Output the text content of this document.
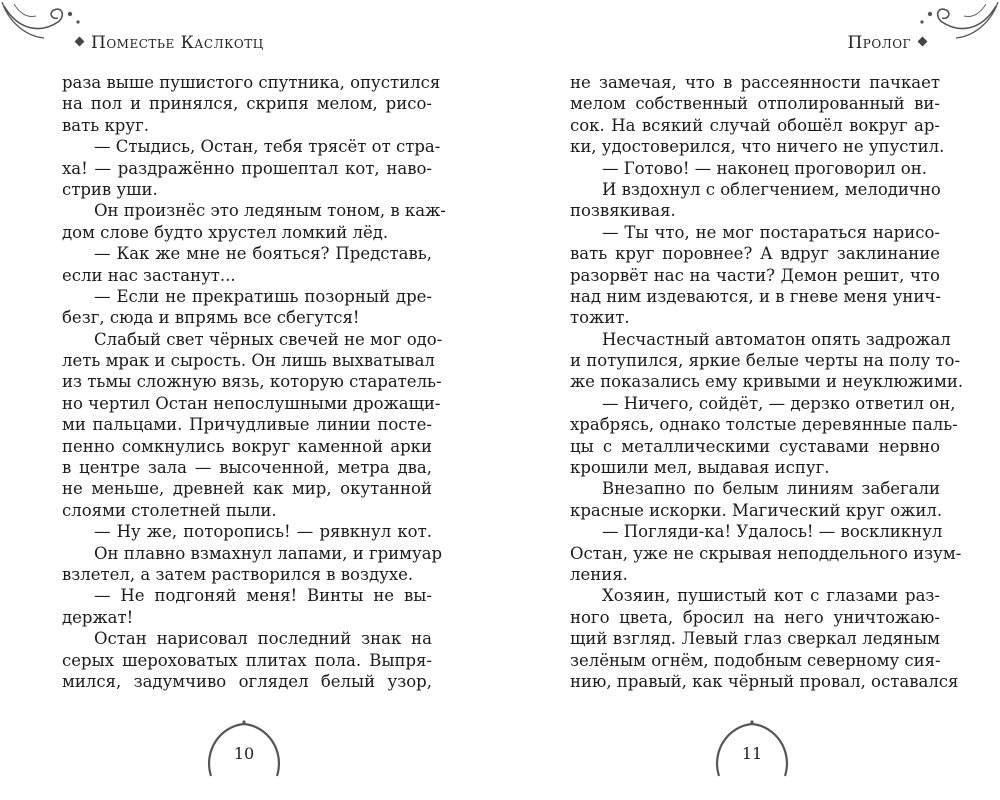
Поместье Каслкотц
раза выше пушистого спутника, опустился
на пол и принялся, скрипя мелом, рисо-
вать круг.
— Стыдись, Остан, тебя трясёт от стра-
ха! — раздражённо прошептал кот, наво-
стрив уши.
Он произнёс это ледяным тоном, в каж-
дом слове будто хрустел ломкий лёд.
— Как же мне не бояться? Представь,
если нас застанут...
— Если не прекратишь позорный дре-
безг, сюда и впрямь все сбегутся!
Слабый свет чёрных свечей не мог одо-
леть мрак и сырость. Он лишь выхватывал
из тьмы сложную вязь, которую старатель-
но чертил Остан непослушными дрожащи-
ми пальцами. Причудливые линии посте-
пенно сомкнулись вокруг каменной арки
в центре зала — высоченной, метра два,
не меньше, древней как мир, окутанной
слоями столетней пыли.
— Ну же, поторопись! — рявкнул кот.
Он плавно взмахнул лапами, и гримуар
взлетел, а затем растворился в воздухе.
— Не подгоняй меня! Винты не вы-
держат!
Остан нарисовал последний знак на
серых шероховатых плитах пола. Выпря-
мился, задумчиво оглядел белый узор,
10
Пролог
не замечая, что в рассеянности пачкает
мелом собственный отполированный ви-
сок. На всякий случай обошёл вокруг ар-
ки, удостоверился, что ничего не упустил.
— Готово! — наконец проговорил он.
И вздохнул с облегчением, мелодично
позвякивая.
— Ты что, не мог постараться нарисо-
вать круг поровнее? А вдруг заклинание
разорвёт нас на части? Демон решит, что
над ним издеваются, и в гневе меня унич-
тожит.
Несчастный автоматон опять задрожал
и потупился, яркие белые черты на полу то-
же показались ему кривыми и неуклюжими.
— Ничего, сойдёт, — дерзко ответил он,
храбрясь, однако толстые деревянные паль-
цы с металлическими суставами нервно
крошили мел, выдавая испуг.
Внезапно по белым линиям забегали
красные искорки. Магический круг ожил.
— Погляди-ка! Удалось! — воскликнул
Остан, уже не скрывая неподдельного изум-
ления.
Хозяин, пушистый кот с глазами раз-
ного цвета, бросил на него уничтожаю-
щий взгляд. Левый глаз сверкал ледяным
зелёным огнём, подобным северному сия-
нию, правый, как чёрный провал, оставался
11
